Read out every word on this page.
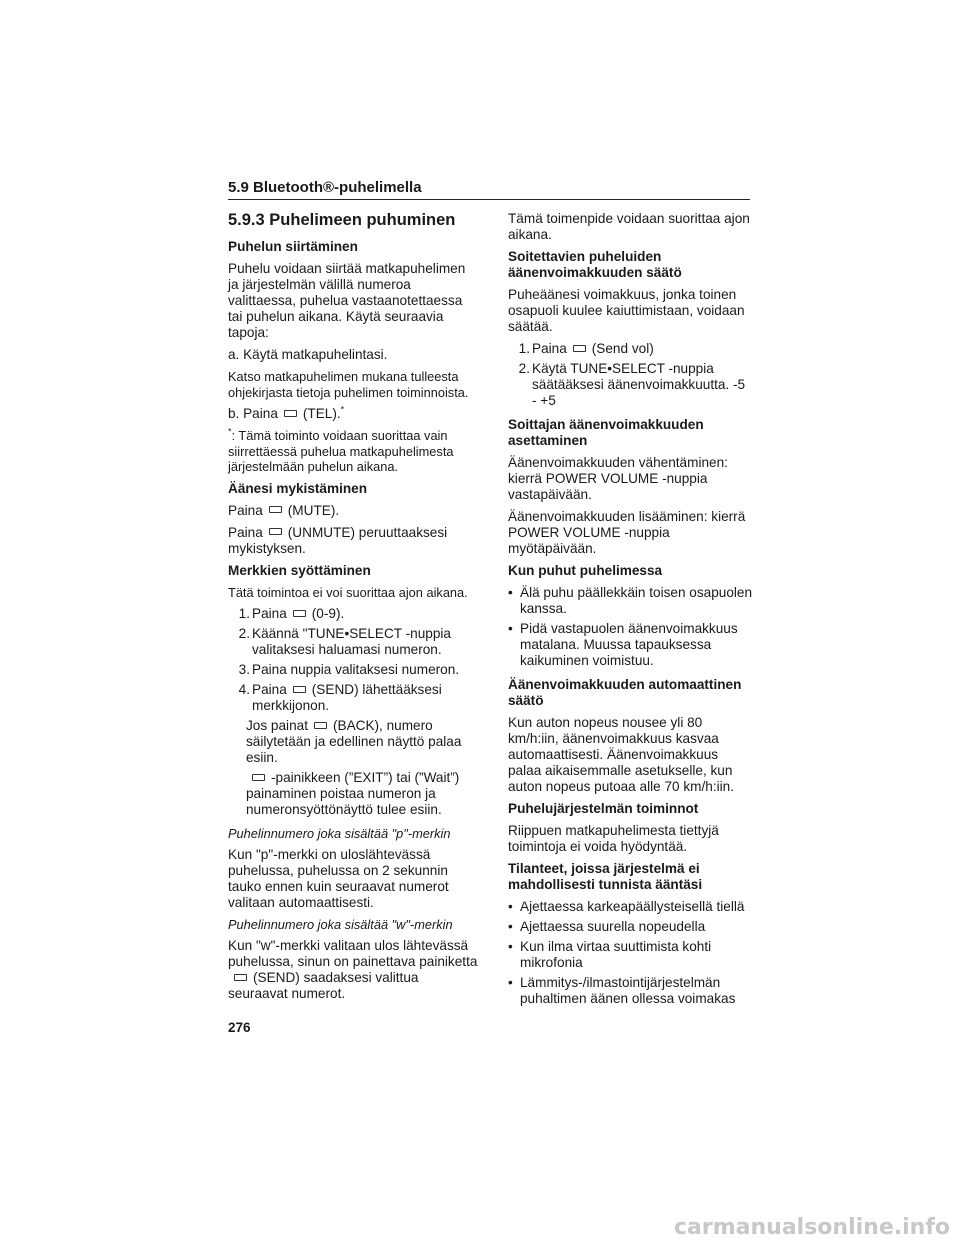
5.9 Bluetooth®-puhelimella
5.9.3 Puhelimeen puhuminen
Puhelun siirtäminen
Puhelu voidaan siirtää matkapuhelimen ja järjestelmän välillä numeroa valittaessa, puhelua vastaanotettaessa tai puhelun aikana. Käytä seuraavia tapoja:
a. Käytä matkapuhelintasi.
Katso matkapuhelimen mukana tulleesta ohjekirjasta tietoja puhelimen toiminnoista.
b. Paina (TEL).*
*: Tämä toiminto voidaan suorittaa vain siirrettäessä puhelua matkapuhelimesta järjestelmään puhelun aikana.
Äänesi mykistäminen
Paina (MUTE).
Paina (UNMUTE) peruuttaaksesi mykistyksen.
Merkkien syöttäminen
Tätä toimintoa ei voi suorittaa ajon aikana.
1. Paina (0-9).
2. Käännä "TUNE•SELECT -nuppia valitaksesi haluamasi numeron.
3. Paina nuppia valitaksesi numeron.
4. Paina (SEND) lähettääksesi merkkijonon.
Jos painat (BACK), numero säilytetään ja edellinen näyttö palaa esiin.
-painikkeen (”EXIT”) tai (”Wait”) painaminen poistaa numeron ja numeronsyöttönäyttö tulee esiin.
Puhelinnumero joka sisältää "p"-merkin
Kun "p"-merkki on uloslähtevässä puhelussa, puhelussa on 2 sekunnin tauko ennen kuin seuraavat numerot valitaan automaattisesti.
Puhelinnumero joka sisältää "w"-merkin
Kun "w"-merkki valitaan ulos lähtevässä puhelussa, sinun on painettava painiketta(SEND) saadaksesi valittua seuraavat numerot.
Tämä toimenpide voidaan suorittaa ajon aikana.
Soitettavien puheluiden äänenvoimakkuuden säätö
Puheäänesi voimakkuus, jonka toinen osapuoli kuulee kaiuttimistaan, voidaan säätää.
1. Paina (Send vol)
2. Käytä TUNE•SELECT -nuppia säätääksesi äänenvoimakkuutta. -5 - +5
Soittajan äänenvoimakkuuden asettaminen
Äänenvoimakkuuden vähentäminen: kierrä POWER VOLUME -nuppia vastapäivään.
Äänenvoimakkuuden lisääminen: kierrä POWER VOLUME -nuppia myötäpäivään.
Kun puhut puhelimessa
• Älä puhu päällekkäin toisen osapuolen kanssa.
• Pidä vastapuolen äänenvoimakkuus matalana. Muussa tapauksessa kaikuminen voimistuu.
Äänenvoimakkuuden automaattinen säätö
Kun auton nopeus nousee yli 80 km/h:iin, äänenvoimakkuus kasvaa automaattisesti. Äänenvoimakkuus palaa aikaisemmalle asetukselle, kun auton nopeus putoaa alle 70 km/h:iin.
Puhelujärjestelmän toiminnot
Riippuen matkapuhelimesta tiettyjä toimintoja ei voida hyödyntää.
Tilanteet, joissa järjestelmä ei mahdollisesti tunnista ääntäsi
• Ajettaessa karkeapäällysteisellä tiellä
• Ajettaessa suurella nopeudella
• Kun ilma virtaa suuttimista kohti mikrofonia
• Lämmitys-/ilmastointijärjestelmän puhaltimen äänen ollessa voimakas
276
carmanualsonline.info
